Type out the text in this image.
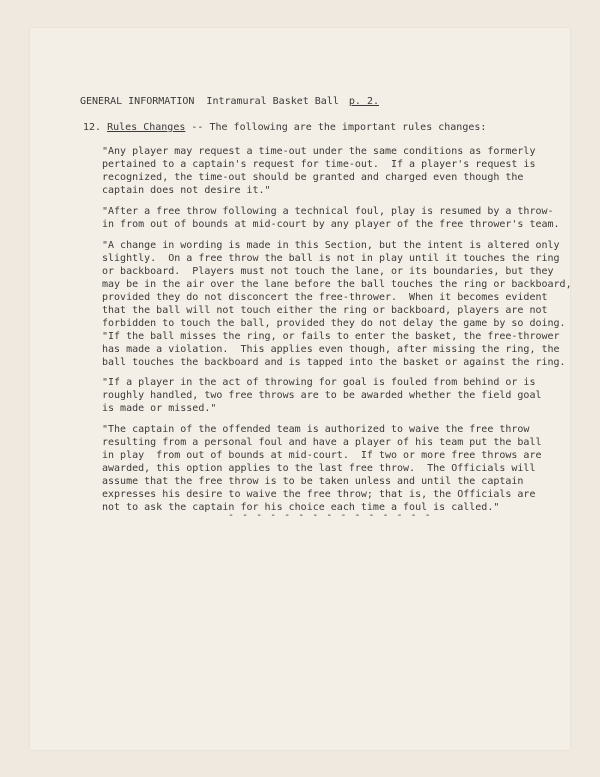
GENERAL INFORMATION Intramural Basket Ball p. 2.
12. Rules Changes -- The following are the important rules changes:
"Any player may request a time-out under the same conditions as formerly
pertained to a captain's request for time-out.  If a player's request is
recognized, the time-out should be granted and charged even though the
captain does not desire it."
"After a free throw following a technical foul, play is resumed by a throw-
in from out of bounds at mid-court by any player of the free thrower's team.
"A change in wording is made in this Section, but the intent is altered only
slightly.  On a free throw the ball is not in play until it touches the ring
or backboard.  Players must not touch the lane, or its boundaries, but they
may be in the air over the lane before the ball touches the ring or backboard,
provided they do not disconcert the free-thrower.  When it becomes evident
that the ball will not touch either the ring or backboard, players are not
forbidden to touch the ball, provided they do not delay the game by so doing.
"If the ball misses the ring, or fails to enter the basket, the free-thrower
has made a violation.  This applies even though, after missing the ring, the
ball touches the backboard and is tapped into the basket or against the ring.
"If a player in the act of throwing for goal is fouled from behind or is
roughly handled, two free throws are to be awarded whether the field goal
is made or missed."
"The captain of the offended team is authorized to waive the free throw
resulting from a personal foul and have a player of his team put the ball
in play  from out of bounds at mid-court.  If two or more free throws are
awarded, this option applies to the last free throw.  The Officials will
assume that the free throw is to be taken unless and until the captain
expresses his desire to waive the free throw; that is, the Officials are
not to ask the captain for his choice each time a foul is called."
- - - - - - - - - - - - - - -
